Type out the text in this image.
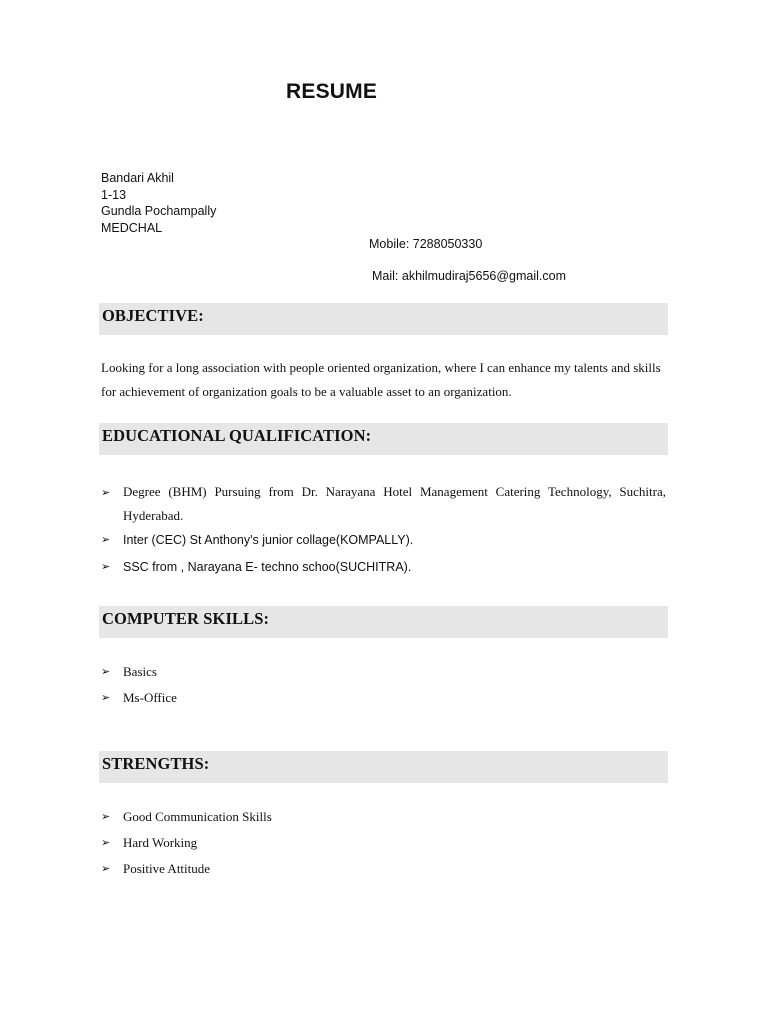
RESUME
Bandari Akhil
1-13
Gundla Pochampally
MEDCHAL
Mobile: 7288050330
Mail: akhilmudiraj5656@gmail.com
OBJECTIVE:
Looking for a long association with people oriented organization, where I can enhance my talents and skills for achievement of organization goals to be a valuable asset to an organization.
EDUCATIONAL QUALIFICATION:
➢ Degree (BHM) Pursuing from Dr. Narayana Hotel Management Catering Technology, Suchitra, Hyderabad.
➢ Inter (CEC) St Anthony's junior collage(KOMPALLY).
➢ SSC from , Narayana E- techno schoo(SUCHITRA).
COMPUTER SKILLS:
➢ Basics
➢ Ms-Office
STRENGTHS:
➢ Good Communication Skills
➢ Hard Working
➢ Positive Attitude
